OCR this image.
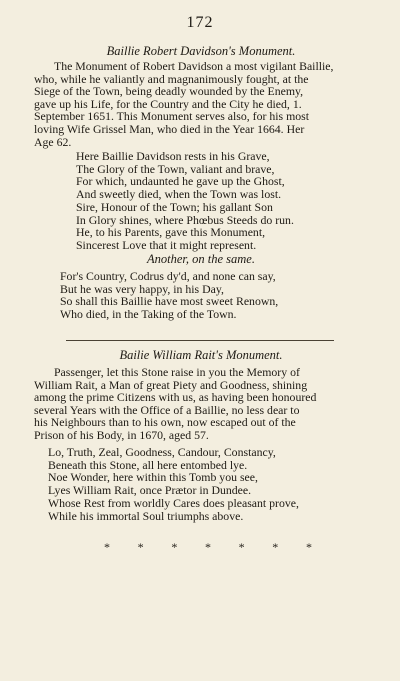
172

Baillie Robert Davidson's Monument.

The Monument of Robert Davidson a most vigilant Baillie,

who, while he valiantly and magnanimously fought, at the

Siege of the Town, being deadly wounded by the Enemy,

gave up his Life, for the Country and the City he died, 1.

September 1651. This Monument serves also, for his most

loving Wife Grissel Man, who died in the Year 1664. Her

Age 62.

Here Baillie Davidson rests in his Grave,
The Glory of the Town, valiant and brave,
For which, undaunted he gave up the Ghost,
And sweetly died, when the Town was lost.
Sire, Honour of the Town; his gallant Son
In Glory shines, where Phœbus Steeds do run.
He, to his Parents, gave this Monument,
Sincerest Love that it might represent.

Another, on the same.

For's Country, Codrus dy'd, and none can say,
But he was very happy, in his Day,
So shall this Baillie have most sweet Renown,
Who died, in the Taking of the Town.

Bailie William Rait's Monument.

Passenger, let this Stone raise in you the Memory of

William Rait, a Man of great Piety and Goodness, shining

among the prime Citizens with us, as having been honoured

several Years with the Office of a Baillie, no less dear to

his Neighbours than to his own, now escaped out of the

Prison of his Body, in 1670, aged 57.

Lo, Truth, Zeal, Goodness, Candour, Constancy,
Beneath this Stone, all here entombed lye.
Noe Wonder, here within this Tomb you see,
Lyes William Rait, once Prætor in Dundee.
Whose Rest from worldly Cares does pleasant prove,
While his immortal Soul triumphs above.
* * * * * * *
